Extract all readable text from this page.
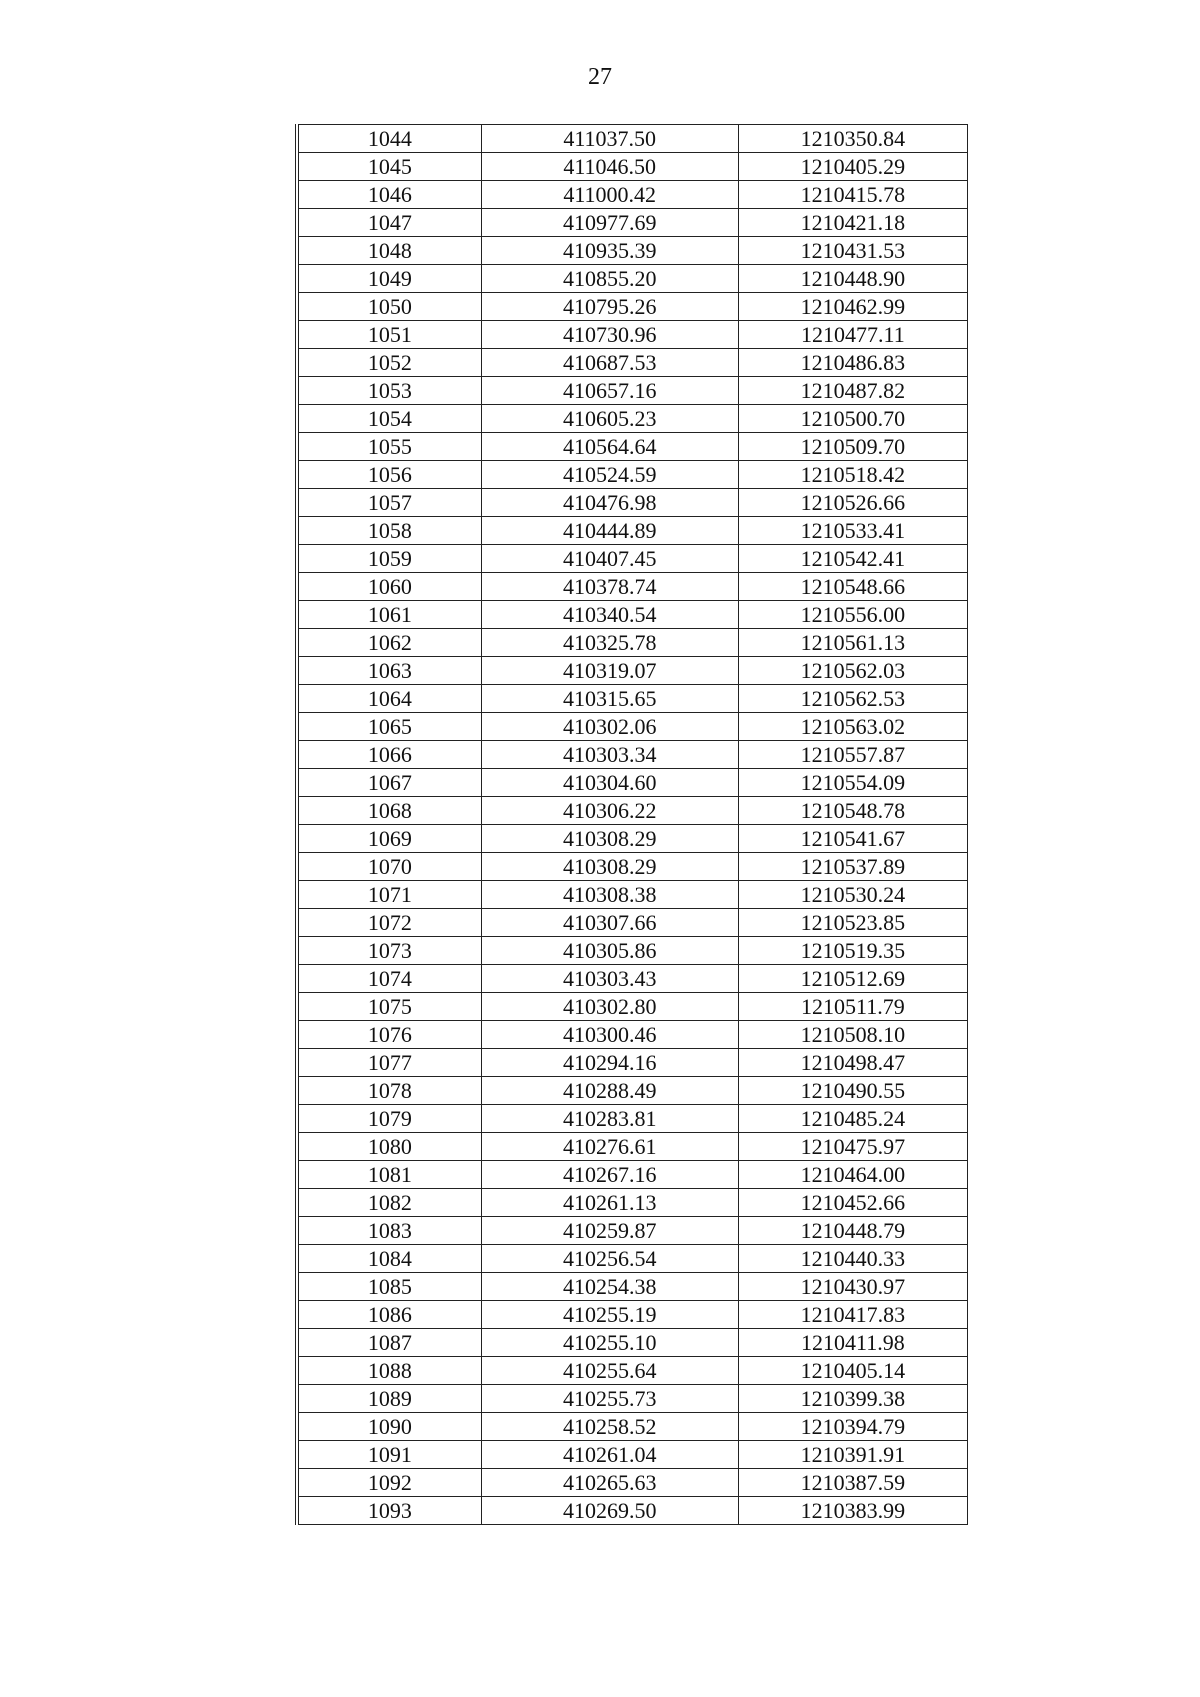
27
1044	411037.50	1210350.84
1045	411046.50	1210405.29
1046	411000.42	1210415.78
1047	410977.69	1210421.18
1048	410935.39	1210431.53
1049	410855.20	1210448.90
1050	410795.26	1210462.99
1051	410730.96	1210477.11
1052	410687.53	1210486.83
1053	410657.16	1210487.82
1054	410605.23	1210500.70
1055	410564.64	1210509.70
1056	410524.59	1210518.42
1057	410476.98	1210526.66
1058	410444.89	1210533.41
1059	410407.45	1210542.41
1060	410378.74	1210548.66
1061	410340.54	1210556.00
1062	410325.78	1210561.13
1063	410319.07	1210562.03
1064	410315.65	1210562.53
1065	410302.06	1210563.02
1066	410303.34	1210557.87
1067	410304.60	1210554.09
1068	410306.22	1210548.78
1069	410308.29	1210541.67
1070	410308.29	1210537.89
1071	410308.38	1210530.24
1072	410307.66	1210523.85
1073	410305.86	1210519.35
1074	410303.43	1210512.69
1075	410302.80	1210511.79
1076	410300.46	1210508.10
1077	410294.16	1210498.47
1078	410288.49	1210490.55
1079	410283.81	1210485.24
1080	410276.61	1210475.97
1081	410267.16	1210464.00
1082	410261.13	1210452.66
1083	410259.87	1210448.79
1084	410256.54	1210440.33
1085	410254.38	1210430.97
1086	410255.19	1210417.83
1087	410255.10	1210411.98
1088	410255.64	1210405.14
1089	410255.73	1210399.38
1090	410258.52	1210394.79
1091	410261.04	1210391.91
1092	410265.63	1210387.59
1093	410269.50	1210383.99
